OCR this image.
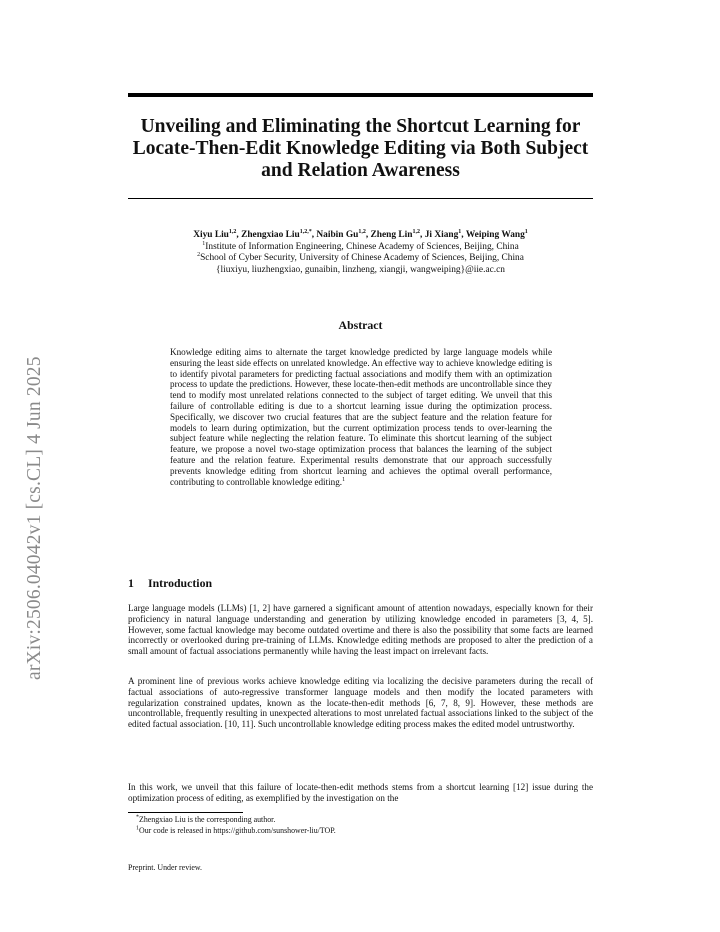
arXiv:2506.04042v1 [cs.CL] 4 Jun 2025
Unveiling and Eliminating the Shortcut Learning for Locate-Then-Edit Knowledge Editing via Both Subject and Relation Awareness
Xiyu Liu$^{1,2}$, Zhengxiao Liu$^{1,2,*}$, Naibin Gu$^{1,2}$, Zheng Lin$^{1,2}$, Ji Xiang$^1$, Weiping Wang$^1$
$^1$Institute of Information Engineering, Chinese Academy of Sciences, Beijing, China
$^2$School of Cyber Security, University of Chinese Academy of Sciences, Beijing, China
{liuxiyu, liuzhengxiao, gunaibin, linzheng, xiangji, wangweiping}@iie.ac.cn
Abstract
Knowledge editing aims to alternate the target knowledge predicted by large language models while ensuring the least side effects on unrelated knowledge. An effective way to achieve knowledge editing is to identify pivotal parameters for predicting factual associations and modify them with an optimization process to update the predictions. However, these locate-then-edit methods are uncontrollable since they tend to modify most unrelated relations connected to the subject of target editing. We unveil that this failure of controllable editing is due to a shortcut learning issue during the optimization process. Specifically, we discover two crucial features that are the subject feature and the relation feature for models to learn during optimization, but the current optimization process tends to over-learning the subject feature while neglecting the relation feature. To eliminate this shortcut learning of the subject feature, we propose a novel two-stage optimization process that balances the learning of the subject feature and the relation feature. Experimental results demonstrate that our approach successfully prevents knowledge editing from shortcut learning and achieves the optimal overall performance, contributing to controllable knowledge editing.$^1$
1 Introduction

Large language models (LLMs) [1, 2] have garnered a significant amount of attention nowadays, especially known for their proficiency in natural language understanding and generation by utilizing knowledge encoded in parameters [3, 4, 5]. However, some factual knowledge may become outdated overtime and there is also the possibility that some facts are learned incorrectly or overlooked during pre-training of LLMs. Knowledge editing methods are proposed to alter the prediction of a small amount of factual associations permanently while having the least impact on irrelevant facts.

A prominent line of previous works achieve knowledge editing via localizing the decisive parameters during the recall of factual associations of auto-regressive transformer language models and then modify the located parameters with regularization constrained updates, known as the locate-then-edit methods [6, 7, 8, 9]. However, these methods are uncontrollable, frequently resulting in unexpected alterations to most unrelated factual associations linked to the subject of the edited factual association. [10, 11]. Such uncontrollable knowledge editing process makes the edited model untrustworthy.

In this work, we unveil that this failure of locate-then-edit methods stems from a shortcut learning [12] issue during the optimization process of editing, as exemplified by the investigation on the

*Zhengxiao Liu is the corresponding author.
$^1$Our code is released in https://github.com/sunshower-liu/TOP.
Preprint. Under review.
